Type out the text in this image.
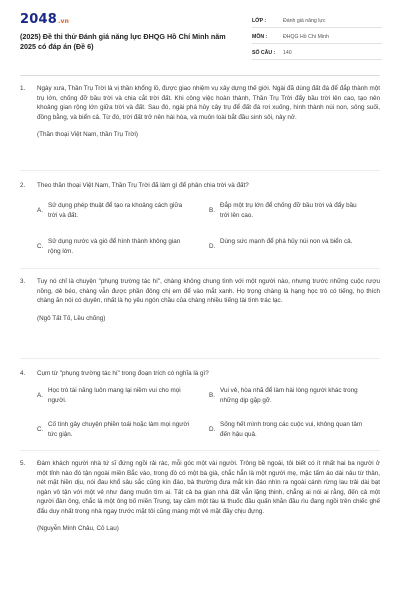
2048.vn
(2025) Đề thi thử Đánh giá năng lực ĐHQG Hồ Chí Minh năm 2025 có đáp án (Đề 6)
LỚP :	Đánh giá năng lực
MÔN :	ĐHQG Hồ Chí Minh
SỐ CÂU :	140
1.	Ngày xưa, Thần Trụ Trời là vị thần khổng lồ, được giao nhiệm vụ xây dựng thế giới. Ngài đã dùng đất đá để đắp thành một trụ lớn, chống đỡ bầu trời và chia cắt trời đất. Khi công việc hoàn thành, Thần Trụ Trời đẩy bầu trời lên cao, tạo nên khoảng gian rộng lớn giữa trời và đất. Sau đó, ngài phá hủy cây trụ để đất đá rơi xuống, hình thành núi non, sông suối, đồng bằng, và biển cả. Từ đó, trời đất trở nên hài hòa, và muôn loài bắt đầu sinh sôi, nảy nở.
(Thần thoại Việt Nam, thần Trụ Trời)
2.	Theo thần thoại Việt Nam, Thần Trụ Trời đã làm gì để phân chia trời và đất?
A.
Sử dụng phép thuật để tạo ra khoảng cách giữa trời và đất.
B.
Đắp một trụ lớn để chống đỡ bầu trời và đẩy bầu trời lên cao.
C.
Sử dụng nước và gió để hình thành không gian rộng lớn.
D.
Dùng sức mạnh để phá hủy núi non và biển cả.
3.	Tuy nó chỉ là chuyện "phụng trường tác hí", chàng không chung tình với một người nào, nhưng trước những cuộc rượu nồng, dẻ béo, chàng vẫn được phần đông chị em để vào mắt xanh. Họ trọng chàng là hạng học trò có tiếng, họ thích chàng ăn nói có duyên, nhất là họ yêu ngón chầu của chàng nhiều tiếng tài tình trác lạc.
(Ngô Tất Tố, Lều chõng)
4.	Cụm từ "phụng trường tác hí" trong đoạn trích có nghĩa là gì?
A.
Học trò tài năng luôn mang lại niềm vui cho mọi người.
B.
Vui vẻ, hòa nhã để làm hài lòng người khác trong những dịp gặp gỡ.
C.
Cố tình gây chuyện phiền toái hoặc làm mọi người tức giận.
D.
Sống hết mình trong các cuộc vui, không quan tâm đến hậu quả.
5.	Đám khách người nhà tứ sĩ đứng ngồi rải rác, mỗi góc một vài người. Trông bề ngoài, tôi biết có ít nhất hai ba người ở một tỉnh nào đó tận ngoài miền Bắc vào, trong đó có một bà già, chắc hẳn là một người mẹ, mặc tấm áo dài nâu từ thân, nét mặt hiền dịu, nói đau khổ sâu sắc cũng kín đáo, bà thường đưa mắt kín đáo nhìn ra ngoài cánh rừng lau trải dài bạt ngàn vô tận với một vẻ như đang muốn tìm ai. Tất cả ba gian nhà đất vẫn lặng thinh, chẳng ai nói ai rằng, đến cả một người đàn ông, chắc là một ông bố miền Trung, tay cầm một tàu lá thuốc đầu quấn khăn đầu rìu đang ngồi trên chiếc ghế đẩu duy nhất trong nhà ngay trước mặt tôi cũng mang một vẻ mặt đầy chịu đựng.
(Nguyễn Minh Châu, Cỏ Lau)
